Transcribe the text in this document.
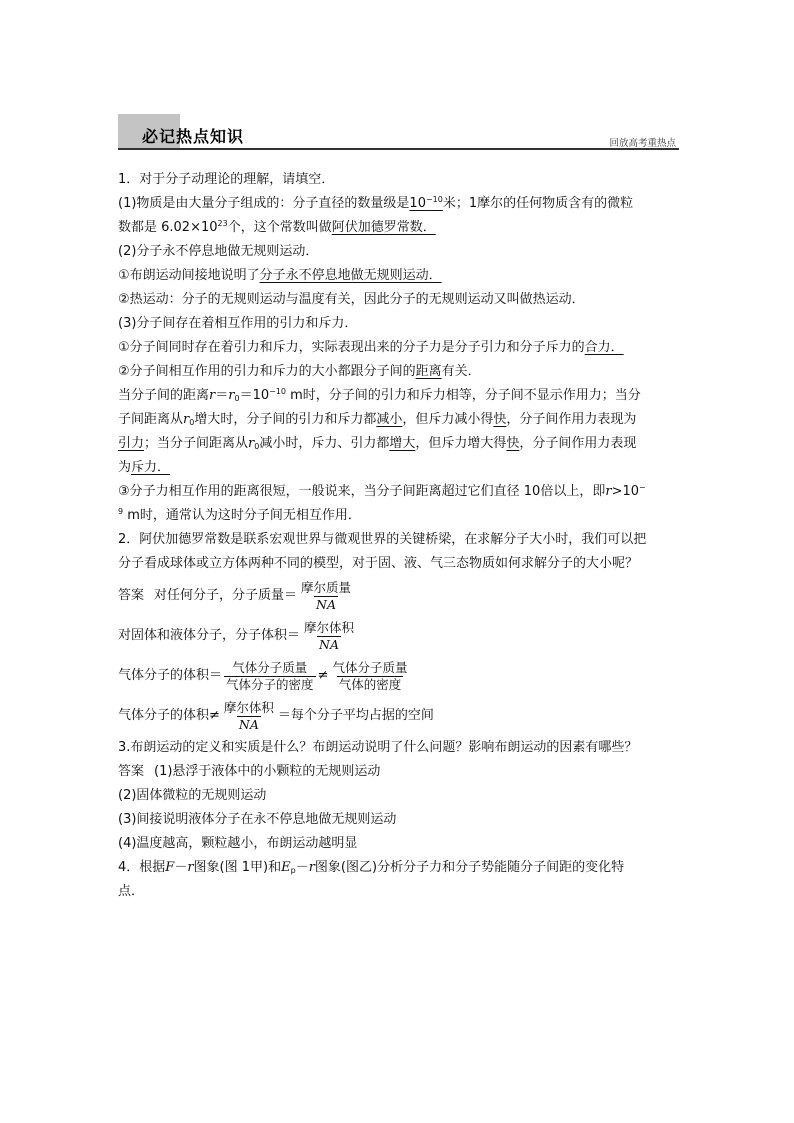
必记热点知识	回放高考重热点
1．对于分子动理论的理解，请填空．
(1)物质是由大量分子组成的：分子直径的数量级是$10^{-10}$米；1摩尔的任何物质含有的微粒
数都是 $6.02\times 10^{23}$个，这个常数叫做阿伏加德罗常数．
(2)分子永不停息地做无规则运动．
①布朗运动间接地说明了分子永不停息地做无规则运动．
②热运动：分子的无规则运动与温度有关，因此分子的无规则运动又叫做热运动．
(3)分子间存在着相互作用的引力和斥力．
①分子间同时存在着引力和斥力，实际表现出来的分子力是分子引力和分子斥力的合力．
②分子间相互作用的引力和斥力的大小都跟分子间的距离有关．
当分子间的距离$r=r_0=10^{-10}$ m时，分子间的引力和斥力相等，分子间不显示作用力；当分
子间距离从$r_0$增大时，分子间的引力和斥力都减小，但斥力减小得快，分子间作用力表现为
引力；当分子间距离从$r_0$减小时，斥力、引力都增大，但斥力增大得快，分子间作用力表现
为斥力．
③分子力相互作用的距离很短，一般说来，当分子间距离超过它们直径 10倍以上，即r>10−
$^9$ m时，通常认为这时分子间无相互作用．
2．阿伏加德罗常数是联系宏观世界与微观世界的关键桥梁，在求解分子大小时，我们可以把
分子看成球体或立方体两种不同的模型，对于固、液、气三态物质如何求解分子的大小呢？
答案 对任何分子，分子质量＝ $\frac{\text{摩尔质量}}{NA}$
对固体和液体分子，分子体积＝ $\frac{\text{摩尔体积}}{NA}$
气体分子的体积＝ $\frac{\text{气体分子质量}}{\text{气体分子的密度}} \ne \frac{\text{气体分子质量}}{\text{气体的密度}}$
气体分子的体积≠ $\frac{\text{摩尔体积}}{NA}$ ＝每个分子平均占据的空间
3.布朗运动的定义和实质是什么？布朗运动说明了什么问题？影响布朗运动的因素有哪些？
答案 (1)悬浮于液体中的小颗粒的无规则运动
(2)固体微粒的无规则运动
(3)间接说明液体分子在永不停息地做无规则运动
(4)温度越高，颗粒越小，布朗运动越明显
4．根据F－r图象(图 1甲)和$E_p-r$图象(图乙)分析分子力和分子势能随分子间距的变化特
点．
